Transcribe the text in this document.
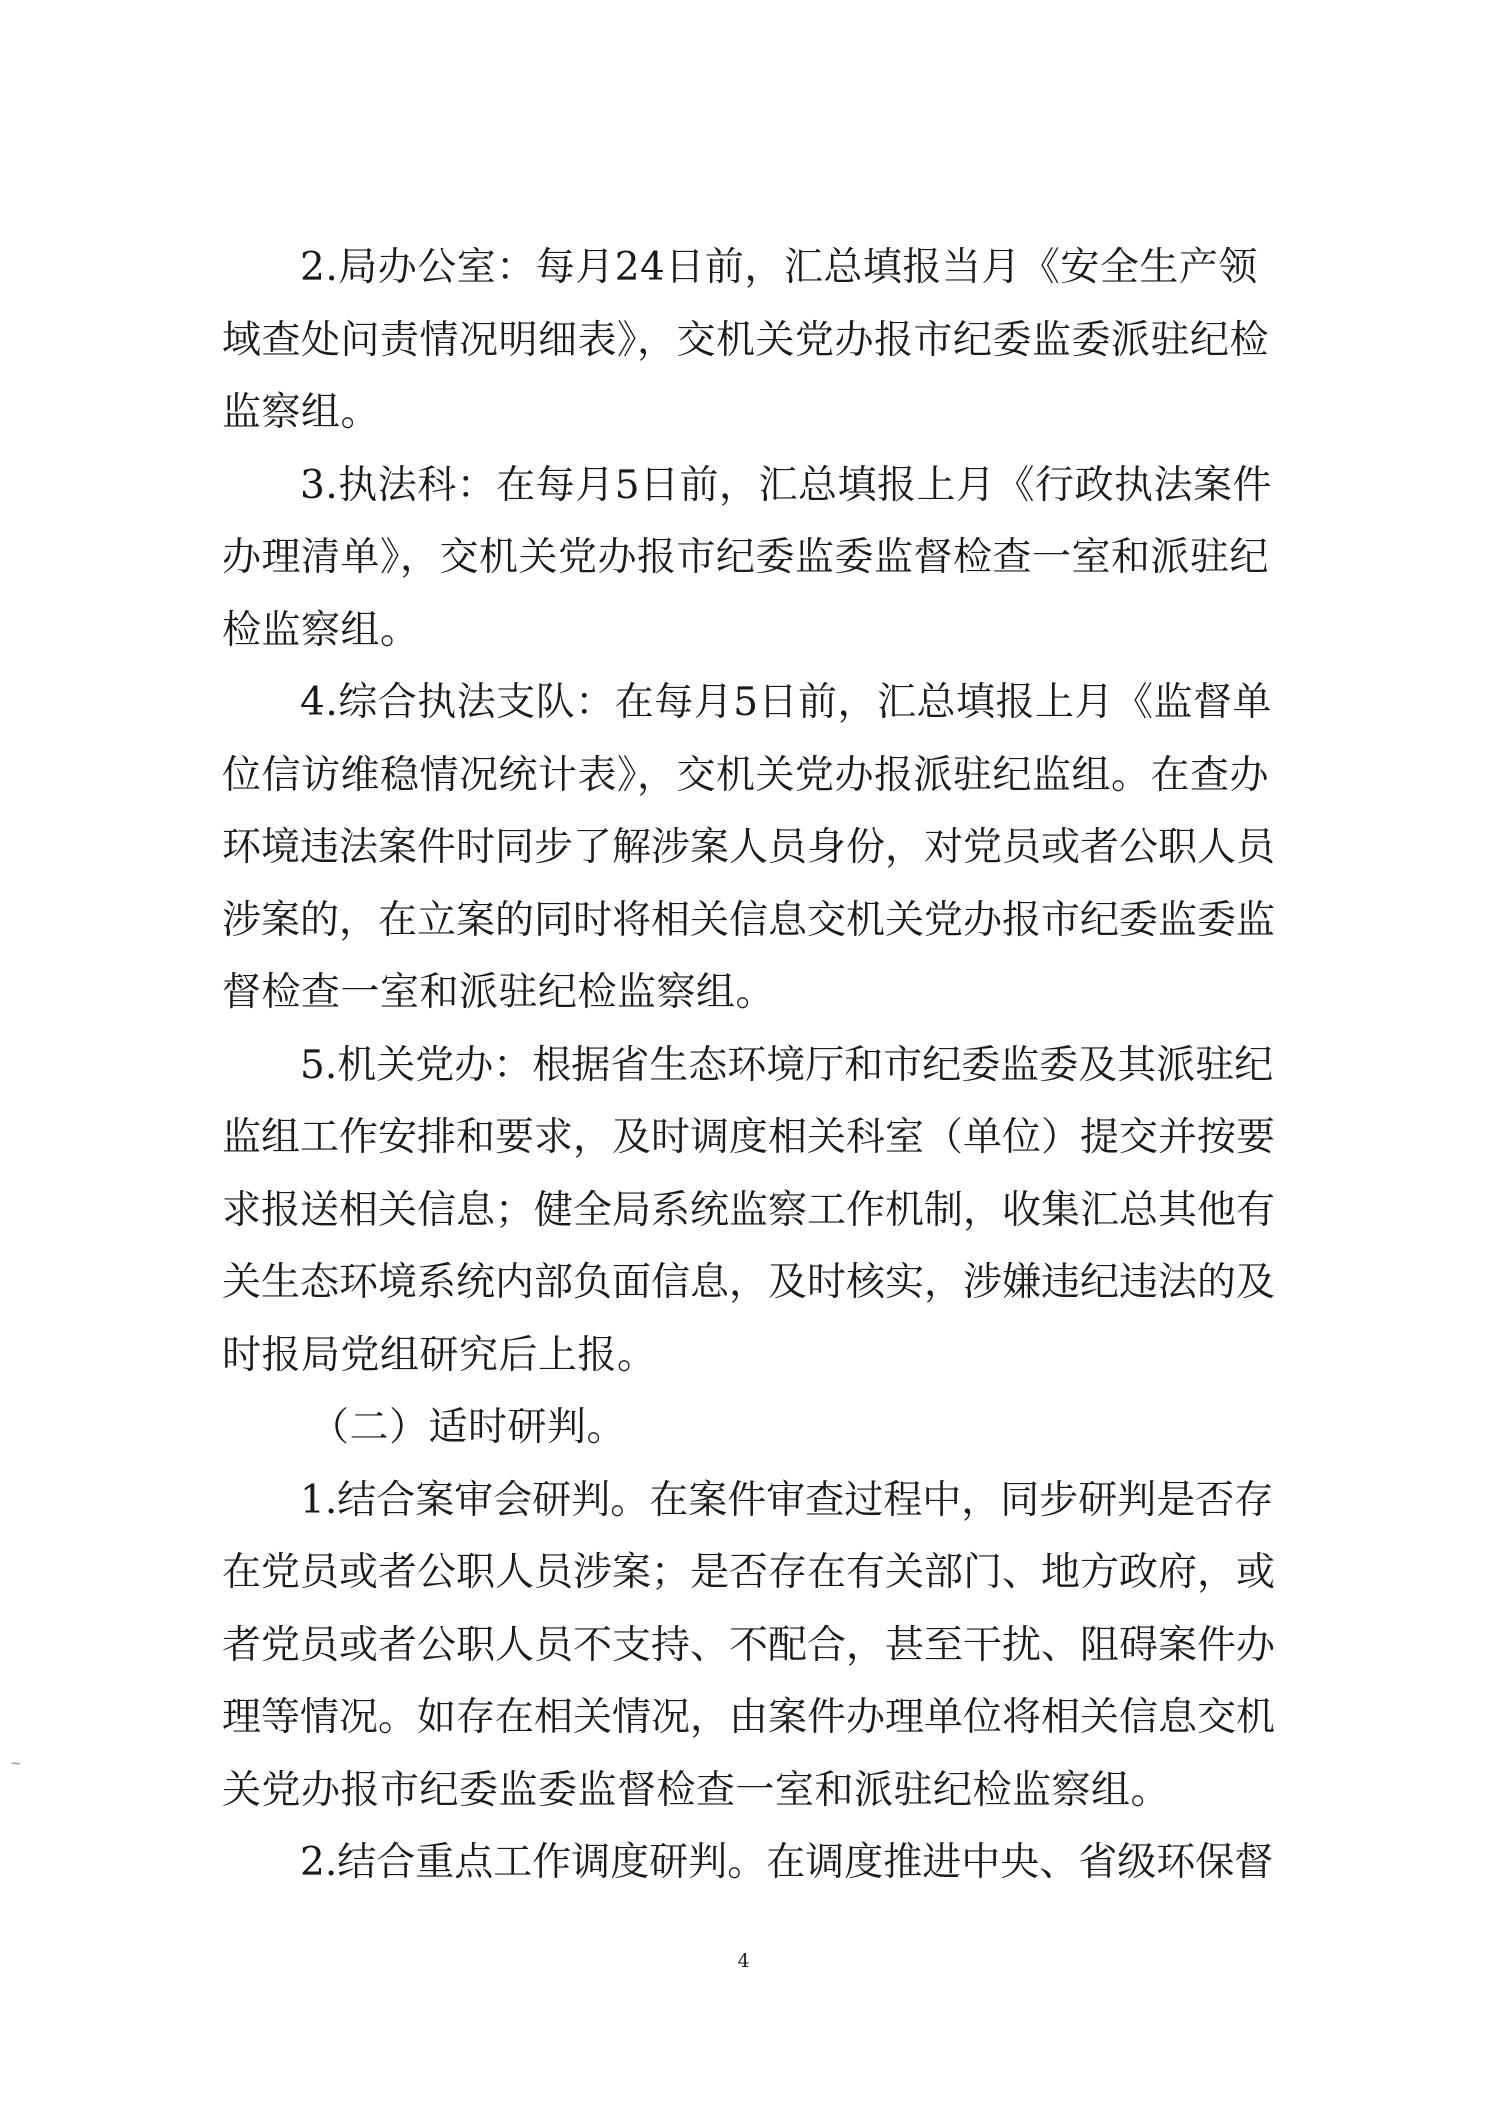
2.局办公室：每月24日前，汇总填报当月《安全生产领
域查处问责情况明细表》，交机关党办报市纪委监委派驻纪检
监察组。
3.执法科：在每月5日前，汇总填报上月《行政执法案件
办理清单》，交机关党办报市纪委监委监督检查一室和派驻纪
检监察组。
4.综合执法支队：在每月5日前，汇总填报上月《监督单
位信访维稳情况统计表》，交机关党办报派驻纪监组。在查办
环境违法案件时同步了解涉案人员身份，对党员或者公职人员
涉案的，在立案的同时将相关信息交机关党办报市纪委监委监
督检查一室和派驻纪检监察组。
5.机关党办：根据省生态环境厅和市纪委监委及其派驻纪
监组工作安排和要求，及时调度相关科室（单位）提交并按要
求报送相关信息；健全局系统监察工作机制，收集汇总其他有
关生态环境系统内部负面信息，及时核实，涉嫌违纪违法的及
时报局党组研究后上报。
（二）适时研判。
1.结合案审会研判。在案件审查过程中，同步研判是否存
在党员或者公职人员涉案；是否存在有关部门、地方政府，或
者党员或者公职人员不支持、不配合，甚至干扰、阻碍案件办
理等情况。如存在相关情况，由案件办理单位将相关信息交机
关党办报市纪委监委监督检查一室和派驻纪检监察组。
2.结合重点工作调度研判。在调度推进中央、省级环保督
~
4
